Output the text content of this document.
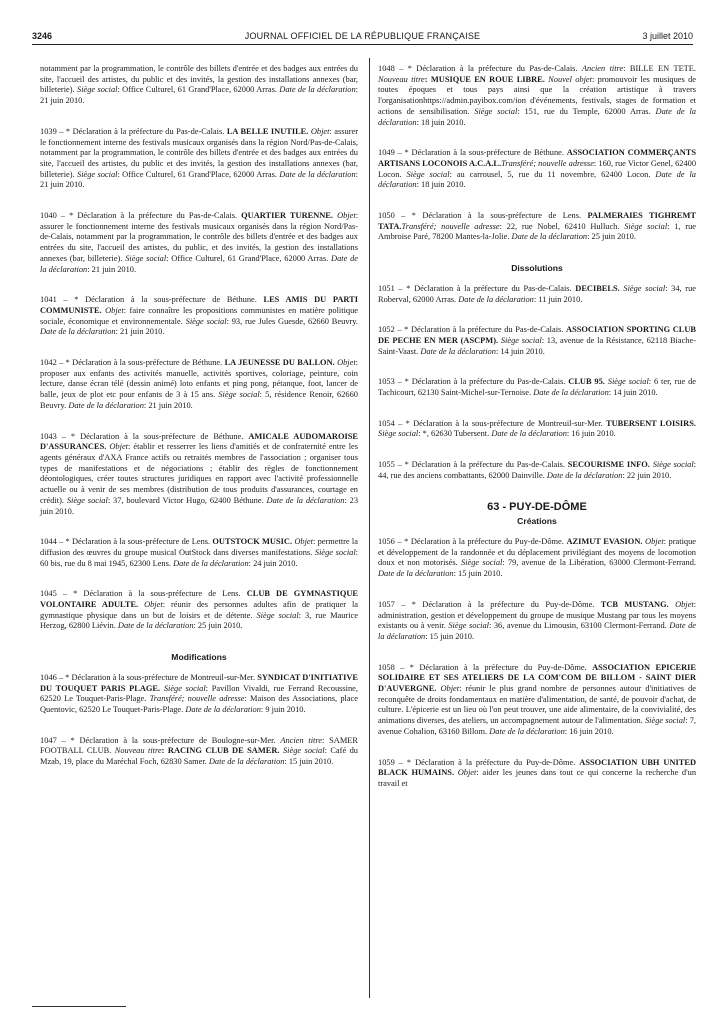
3246	JOURNAL OFFICIEL DE LA RÉPUBLIQUE FRANÇAISE	3 juillet 2010
notamment par la programmation, le contrôle des billets d'entrée et des badges aux entrées du site, l'accueil des artistes, du public et des invités, la gestion des installations annexes (bar, billeterie). Siège social: Office Culturel, 61 Grand'Place, 62000 Arras. Date de la déclaration: 21 juin 2010.
1039 – * Déclaration à la préfecture du Pas-de-Calais. LA BELLE INUTILE. Objet: assurer le fonctionnement interne des festivals musicaux organisés dans la région Nord/Pas-de-Calais, notamment par la programmation, le contrôle des billets d'entrée et des badges aux entrées du site, l'accueil des artistes, du public et des invités, la gestion des installations annexes (bar, billeterie). Siège social: Office Culturel, 61 Grand'Place, 62000 Arras. Date de la déclaration: 21 juin 2010.
1040 – * Déclaration à la préfecture du Pas-de-Calais. QUARTIER TURENNE. Objet: assurer le fonctionnement interne des festivals musicaux organisés dans la région Nord/Pas-de-Calais, notamment par la programmation, le contrôle des billets d'entrée et des badges aux entrées du site, l'accueil des artistes, du public, et des invités, la gestion des installations annexes (bar, billeterie). Siège social: Office Culturel, 61 Grand'Place, 62000 Arras. Date de la déclaration: 21 juin 2010.
1041 – * Déclaration à la sous-préfecture de Béthune. LES AMIS DU PARTI COMMUNISTE. Objet: faire connaître les propositions communistes en matière politique sociale, économique et environnementale. Siège social: 93, rue Jules Guesde, 62660 Beuvry. Date de la déclaration: 21 juin 2010.
1042 – * Déclaration à la sous-préfecture de Béthune. LA JEUNESSE DU BALLON. Objet: proposer aux enfants des activités manuelle, activités sportives, coloriage, peinture, coin lecture, danse écran télé (dessin animé) loto enfants et ping pong, pétanque, foot, lancer de balle, jeux de plot etc pour enfants de 3 à 15 ans. Siège social: 5, résidence Renoir, 62660 Beuvry. Date de la déclaration: 21 juin 2010.
1043 – * Déclaration à la sous-préfecture de Béthune. AMICALE AUDOMAROISE D'ASSURANCES. Objet: établir et resserrer les liens d'amitiés et de confraternité entre les agents généraux d'AXA France actifs ou retraités membres de l'association ; organiser tous types de manifestations et de négociations ; établir des règles de fonctionnement déontologiques, créer toutes structures juridiques en rapport avec l'activité professionnelle actuelle ou à venir de ses membres (distribution de tous produits d'assurances, courtage en crédit). Siège social: 37, boulevard Victor Hugo, 62400 Béthune. Date de la déclaration: 23 juin 2010.
1044 – * Déclaration à la sous-préfecture de Lens. OUTSTOCK MUSIC. Objet: permettre la diffusion des œuvres du groupe musical OutStock dans diverses manifestations. Siège social: 60 bis, rue du 8 mai 1945, 62300 Lens. Date de la déclaration: 24 juin 2010.
1045 – * Déclaration à la sous-préfecture de Lens. CLUB DE GYMNASTIQUE VOLONTAIRE ADULTE. Objet: réunir des personnes adultes afin de pratiquer la gymnastique physique dans un but de loisirs et de détente. Siège social: 3, rue Maurice Herzog, 62800 Liévin. Date de la déclaration: 25 juin 2010.
Modifications
1046 – * Déclaration à la sous-préfecture de Montreuil-sur-Mer. SYNDICAT D'INITIATIVE DU TOUQUET PARIS PLAGE. Siège social: Pavillon Vivaldi, rue Ferrand Recoussine, 62520 Le Touquet-Paris-Plage. Transféré; nouvelle adresse: Maison des Associations, place Quentovic, 62520 Le Touquet-Paris-Plage. Date de la déclaration: 9 juin 2010.
1047 – * Déclaration à la sous-préfecture de Boulogne-sur-Mer. Ancien titre: SAMER FOOTBALL CLUB. Nouveau titre: RACING CLUB DE SAMER. Siège social: Café du Mzab, 19, place du Maréchal Foch, 62830 Samer. Date de la déclaration: 15 juin 2010.
1048 – * Déclaration à la préfecture du Pas-de-Calais. Ancien titre: BILLE EN TETE. Nouveau titre: MUSIQUE EN ROUE LIBRE. Nouvel objet: promouvoir les musiques de toutes époques et tous pays ainsi que la création artistique à travers l'organisationhttps://admin.payibox.com/ion d'événements, festivals, stages de formation et actions de sensibilisation. Siège social: 151, rue du Temple, 62000 Arras. Date de la déclaration: 18 juin 2010.
1049 – * Déclaration à la sous-préfecture de Béthune. ASSOCIATION COMMERÇANTS ARTISANS LOCONOIS A.C.A.L.Transféré; nouvelle adresse: 160, rue Victor Genel, 62400 Locon. Siège social: au carrousel, 5, rue du 11 novembre, 62400 Locon. Date de la déclaration: 18 juin 2010.
1050 – * Déclaration à la sous-préfecture de Lens. PALMERAIES TIGHREMT TATA.Transféré; nouvelle adresse: 22, rue Nobel, 62410 Hulluch. Siège social: 1, rue Ambroise Paré, 78200 Mantes-la-Jolie. Date de la déclaration: 25 juin 2010.
Dissolutions
1051 – * Déclaration à la préfecture du Pas-de-Calais. DECIBELS. Siège social: 34, rue Roberval, 62000 Arras. Date de la déclaration: 11 juin 2010.
1052 – * Déclaration à la préfecture du Pas-de-Calais. ASSOCIATION SPORTING CLUB DE PECHE EN MER (ASCPM). Siège social: 13, avenue de la Résistance, 62118 Biache-Saint-Vaast. Date de la déclaration: 14 juin 2010.
1053 – * Déclaration à la préfecture du Pas-de-Calais. CLUB 95. Siège social: 6 ter, rue de Tachicourt, 62130 Saint-Michel-sur-Ternoise. Date de la déclaration: 14 juin 2010.
1054 – * Déclaration à la sous-préfecture de Montreuil-sur-Mer. TUBERSENT LOISIRS. Siège social: *, 62630 Tubersent. Date de la déclaration: 16 juin 2010.
1055 – * Déclaration à la préfecture du Pas-de-Calais. SECOURISME INFO. Siège social: 44, rue des anciens combattants, 62000 Dainville. Date de la déclaration: 22 juin 2010.
63 - PUY-DE-DÔME
Créations
1056 – * Déclaration à la préfecture du Puy-de-Dôme. AZIMUT EVASION. Objet: pratique et développement de la randonnée et du déplacement privilégiant des moyens de locomotion doux et non motorisés. Siège social: 79, avenue de la Libération, 63000 Clermont-Ferrand. Date de la déclaration: 15 juin 2010.
1057 – * Déclaration à la préfecture du Puy-de-Dôme. TCB MUSTANG. Objet: administration, gestion et développement du groupe de musique Mustang par tous les moyens existants ou à venir. Siège social: 36, avenue du Limousin, 63100 Clermont-Ferrand. Date de la déclaration: 15 juin 2010.
1058 – * Déclaration à la préfecture du Puy-de-Dôme. ASSOCIATION EPICERIE SOLIDAIRE ET SES ATELIERS DE LA COM'COM DE BILLOM - SAINT DIER D'AUVERGNE. Objet: réunir le plus grand nombre de personnes autour d'initiatives de reconquête de droits fondamentaux en matière d'alimentation, de santé, de pouvoir d'achat, de culture. L'épicerie est un lieu où l'on peut trouver, une aide alimentaire, de la convivialité, des animations diverses, des ateliers, un accompagnement autour de l'alimentation. Siège social: 7, avenue Cohalion, 63160 Billom. Date de la déclaration: 16 juin 2010.
1059 – * Déclaration à la préfecture du Puy-de-Dôme. ASSOCIATION UBH UNITED BLACK HUMAINS. Objet: aider les jeunes dans tout ce qui concerne la recherche d'un travail et
